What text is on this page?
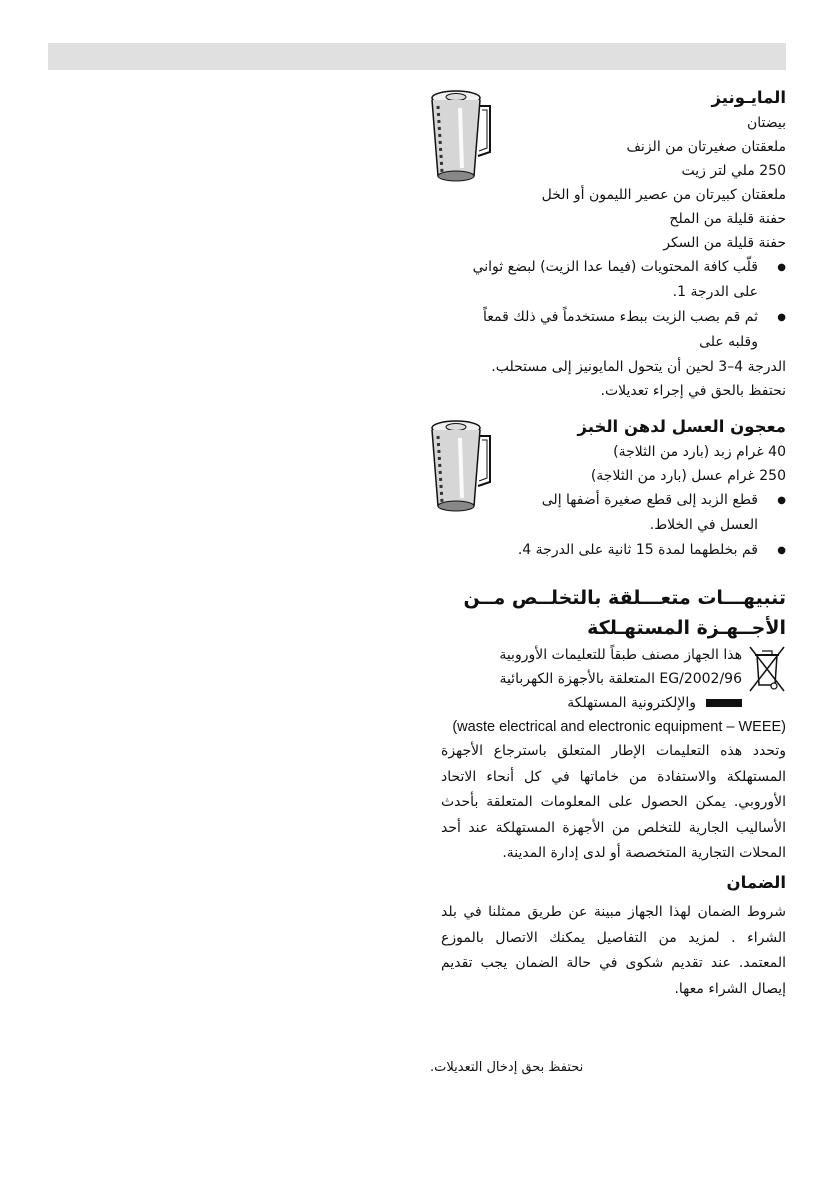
المايـونيز
بيضتان
ملعقتان صغيرتان من الزنف
250 ملي لتر زيت
ملعقتان كبيرتان من عصير الليمون أو الخل
حفنة قليلة من الملح
حفنة قليلة من السكر
● قلّب كافة المحتويات (فيما عدا الزيت) لبضع ثواني على الدرجة 1.
● ثم قم بصب الزيت ببطء مستخدماً في ذلك قمعاً وقلبه على
الدرجة 4–3 لحين أن يتحول المايونيز إلى مستحلب.
نحتفظ بالحق في إجراء تعديلات.
معجون العسل لدهن الخبز
40 غرام زبد (بارد من الثلاجة)
250 غرام عسل (بارد من الثلاجة)
● قطع الزبد إلى قطع صغيرة أضفها إلى العسل في الخلاط.
● قم بخلطهما لمدة 15 ثانية على الدرجة 4.
تنبيهـــات متعـــلقة بالتخلــص مــن
الأجــهـزة المستهـلكة
هذا الجهاز مصنف طبقاً للتعليمات الأوروبية
2002/96/EG المتعلقة بالأجهزة الكهربائية
والإلكترونية المستهلكة
(waste electrical and electronic equipment – WEEE)
وتحدد هذه التعليمات الإطار المتعلق باسترجاع الأجهزة المستهلكة والاستفادة من خاماتها في كل أنحاء الاتحاد الأوروبي. يمكن الحصول على المعلومات المتعلقة بأحدث الأساليب الجارية للتخلص من الأجهزة المستهلكة عند أحد المحلات التجارية المتخصصة أو لدى إدارة المدينة.
الضمان
شروط الضمان لهذا الجهاز مبينة عن طريق ممثلنا في بلد الشراء . لمزيد من التفاصيل يمكنك الاتصال بالموزع المعتمد. عند تقديم شكوى في حالة الضمان يجب تقديم إيصال الشراء معها.
نحتفظ بحق إدخال التعديلات.
